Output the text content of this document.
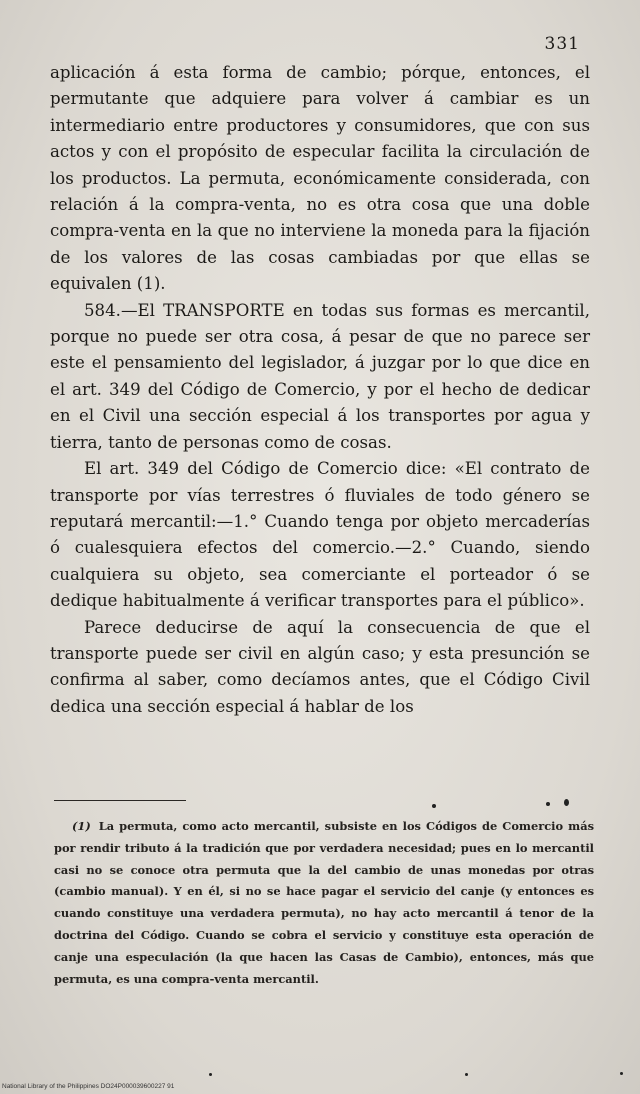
331

aplicación á esta forma de cambio; pórque, entonces, el permutante que adquiere para volver á cambiar es un intermediario entre productores y consumidores, que con sus actos y con el propósito de especular facilita la circulación de los productos. La permuta, económicamente considerada, con relación á la compra-venta, no es otra cosa que una doble compra-venta en la que no interviene la moneda para la fijación de los valores de las cosas cambiadas por que ellas se equivalen (1).

584.—El TRANSPORTE en todas sus formas es mercantil, porque no puede ser otra cosa, á pesar de que no parece ser este el pensamiento del legislador, á juzgar por lo que dice en el art. 349 del Código de Comercio, y por el hecho de dedicar en el Civil una sección especial á los transportes por agua y tierra, tanto de personas como de cosas.

El art. 349 del Código de Comercio dice: «El contrato de transporte por vías terrestres ó fluviales de todo género se reputará mercantil:—1.° Cuando tenga por objeto mercaderías ó cualesquiera efectos del comercio.—2.° Cuando, siendo cualquiera su objeto, sea comerciante el porteador ó se dedique habitualmente á verificar transportes para el público».

Parece deducirse de aquí la consecuencia de que el transporte puede ser civil en algún caso; y esta presunción se confirma al saber, como decíamos antes, que el Código Civil dedica una sección especial á hablar de los

(1) La permuta, como acto mercantil, subsiste en los Códigos de Comercio más por rendir tributo á la tradición que por verdadera necesidad; pues en lo mercantil casi no se conoce otra permuta que la del cambio de unas monedas por otras (cambio manual). Y en él, si no se hace pagar el servicio del canje (y entonces es cuando constituye una verdadera permuta), no hay acto mercantil á tenor de la doctrina del Código. Cuando se cobra el servicio y constituye esta operación de canje una especulación (la que hacen las Casas de Cambio), entonces, más que permuta, es una compra-venta mercantil.
National Library of the Philippines DO24P000039600227 91
